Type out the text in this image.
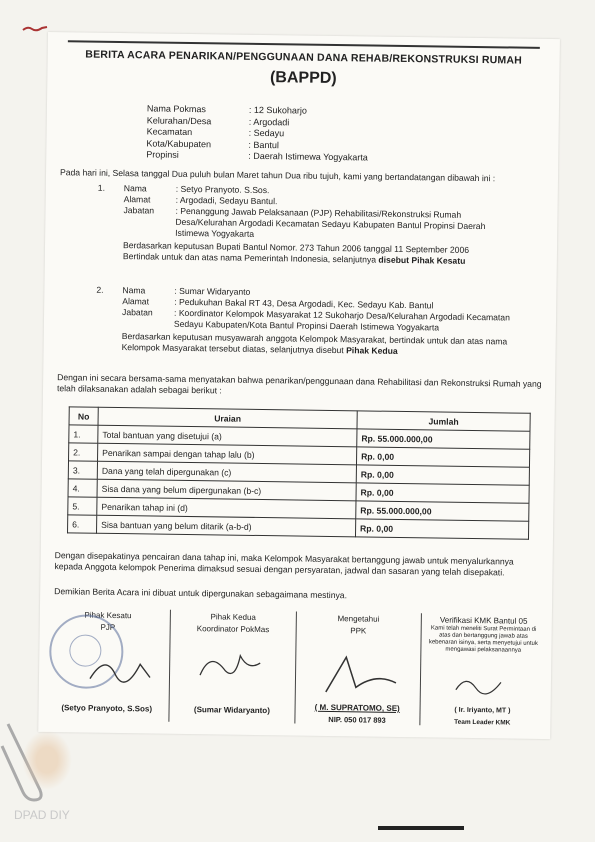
BERITA ACARA PENARIKAN/PENGGUNAAN DANA REHAB/REKONSTRUKSI RUMAH
(BAPPD)
Nama Pokmas	: 12 Sukoharjo
Kelurahan/Desa	: Argodadi
Kecamatan	: Sedayu
Kota/Kabupaten	: Bantul
Propinsi	: Daerah Istimewa Yogyakarta
Pada hari ini, Selasa tanggal Dua puluh bulan Maret tahun Dua ribu tujuh, kami yang bertandatangan dibawah ini :
1.	Nama	: Setyo Pranyoto. S.Sos.
Alamat	: Argodadi, Sedayu Bantul.
Jabatan	: Penanggung Jawab Pelaksanaan (PJP) Rehabilitasi/Rekonstruksi Rumah Desa/Kelurahan Argodadi Kecamatan Sedayu Kabupaten Bantul Propinsi Daerah Istimewa Yogyakarta
Berdasarkan keputusan Bupati Bantul Nomor. 273 Tahun 2006 tanggal 11 September 2006
Bertindak untuk dan atas nama Pemerintah Indonesia, selanjutnya disebut Pihak Kesatu
2.	Nama	: Sumar Widaryanto
Alamat	: Pedukuhan Bakal RT 43, Desa Argodadi, Kec. Sedayu Kab. Bantul
Jabatan	: Koordinator Kelompok Masyarakat 12 Sukoharjo Desa/Kelurahan Argodadi Kecamatan Sedayu Kabupaten/Kota Bantul Propinsi Daerah Istimewa Yogyakarta
Berdasarkan keputusan musyawarah anggota Kelompok Masyarakat, bertindak untuk dan atas nama Kelompok Masyarakat tersebut diatas, selanjutnya disebut Pihak Kedua
Dengan ini secara bersama-sama menyatakan bahwa penarikan/penggunaan dana Rehabilitasi dan Rekonstruksi Rumah yang telah dilaksanakan adalah sebagai berikut :
No	Uraian	Jumlah
1.	Total bantuan yang disetujui (a)	Rp. 55.000.000,00
2.	Penarikan sampai dengan tahap lalu (b)	Rp. 0,00
3.	Dana yang telah dipergunakan (c)	Rp. 0,00
4.	Sisa dana yang belum dipergunakan (b-c)	Rp. 0,00
5.	Penarikan tahap ini (d)	Rp. 55.000.000,00
6.	Sisa bantuan yang belum ditarik (a-b-d)	Rp. 0,00
Dengan disepakatinya pencairan dana tahap ini, maka Kelompok Masyarakat bertanggung jawab untuk menyalurkannya kepada Anggota kelompok Penerima dimaksud sesuai dengan persyaratan, jadwal dan sasaran yang telah disepakati.
Demikian Berita Acara ini dibuat untuk dipergunakan sebagaimana mestinya.
Pihak Kesatu
PJP
(Setyo Pranyoto, S.Sos)
Pihak Kedua
Koordinator PokMas
(Sumar Widaryanto)
Mengetahui
PPK
( M. SUPRATOMO, SE)
NIP. 050 017 893
Verifikasi KMK Bantul 05
Kami telah meneliti Surat Permintaan di atas dan bertanggung jawab atas kebenaran isinya, serta menyetujui untuk mengawasi pelaksanaannya
( Ir. Iriyanto, MT )
Team Leader KMK
DPAD DIY
